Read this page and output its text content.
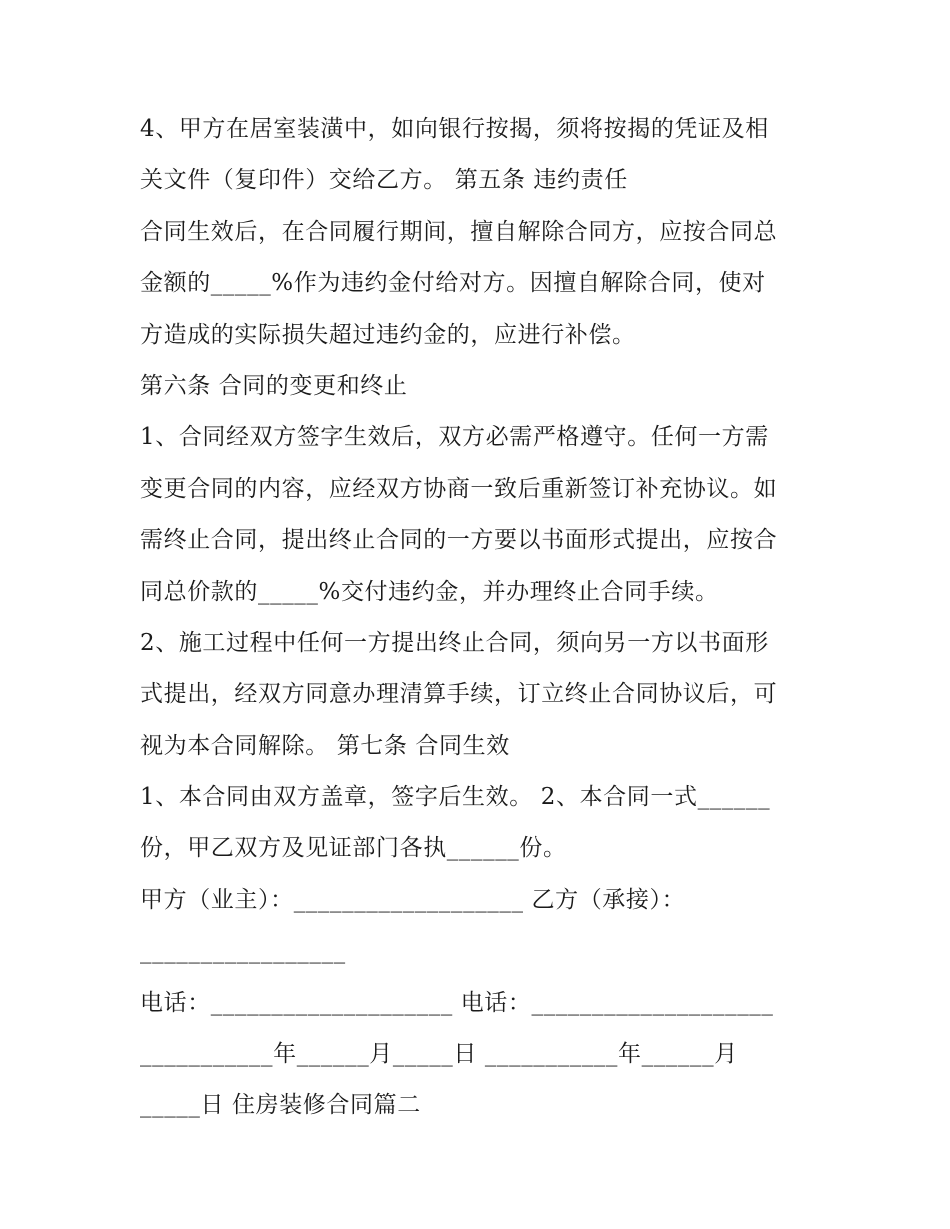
4、甲方在居室装潢中，如向银行按揭，须将按揭的凭证及相
关文件（复印件）交给乙方。 第五条 违约责任
合同生效后，在合同履行期间，擅自解除合同方，应按合同总
金额的_____%作为违约金付给对方。因擅自解除合同，使对
方造成的实际损失超过违约金的，应进行补偿。
第六条 合同的变更和终止
1、合同经双方签字生效后，双方必需严格遵守。任何一方需
变更合同的内容，应经双方协商一致后重新签订补充协议。如
需终止合同，提出终止合同的一方要以书面形式提出，应按合
同总价款的_____%交付违约金，并办理终止合同手续。
2、施工过程中任何一方提出终止合同，须向另一方以书面形
式提出，经双方同意办理清算手续，订立终止合同协议后，可
视为本合同解除。 第七条 合同生效
1、本合同由双方盖章，签字后生效。 2、本合同一式______
份，甲乙双方及见证部门各执______份。
甲方（业主）：___________________ 乙方（承接）：
_________________
电话：____________________ 电话：____________________
___________年______月_____日 ___________年______月
_____日 住房装修合同篇二
